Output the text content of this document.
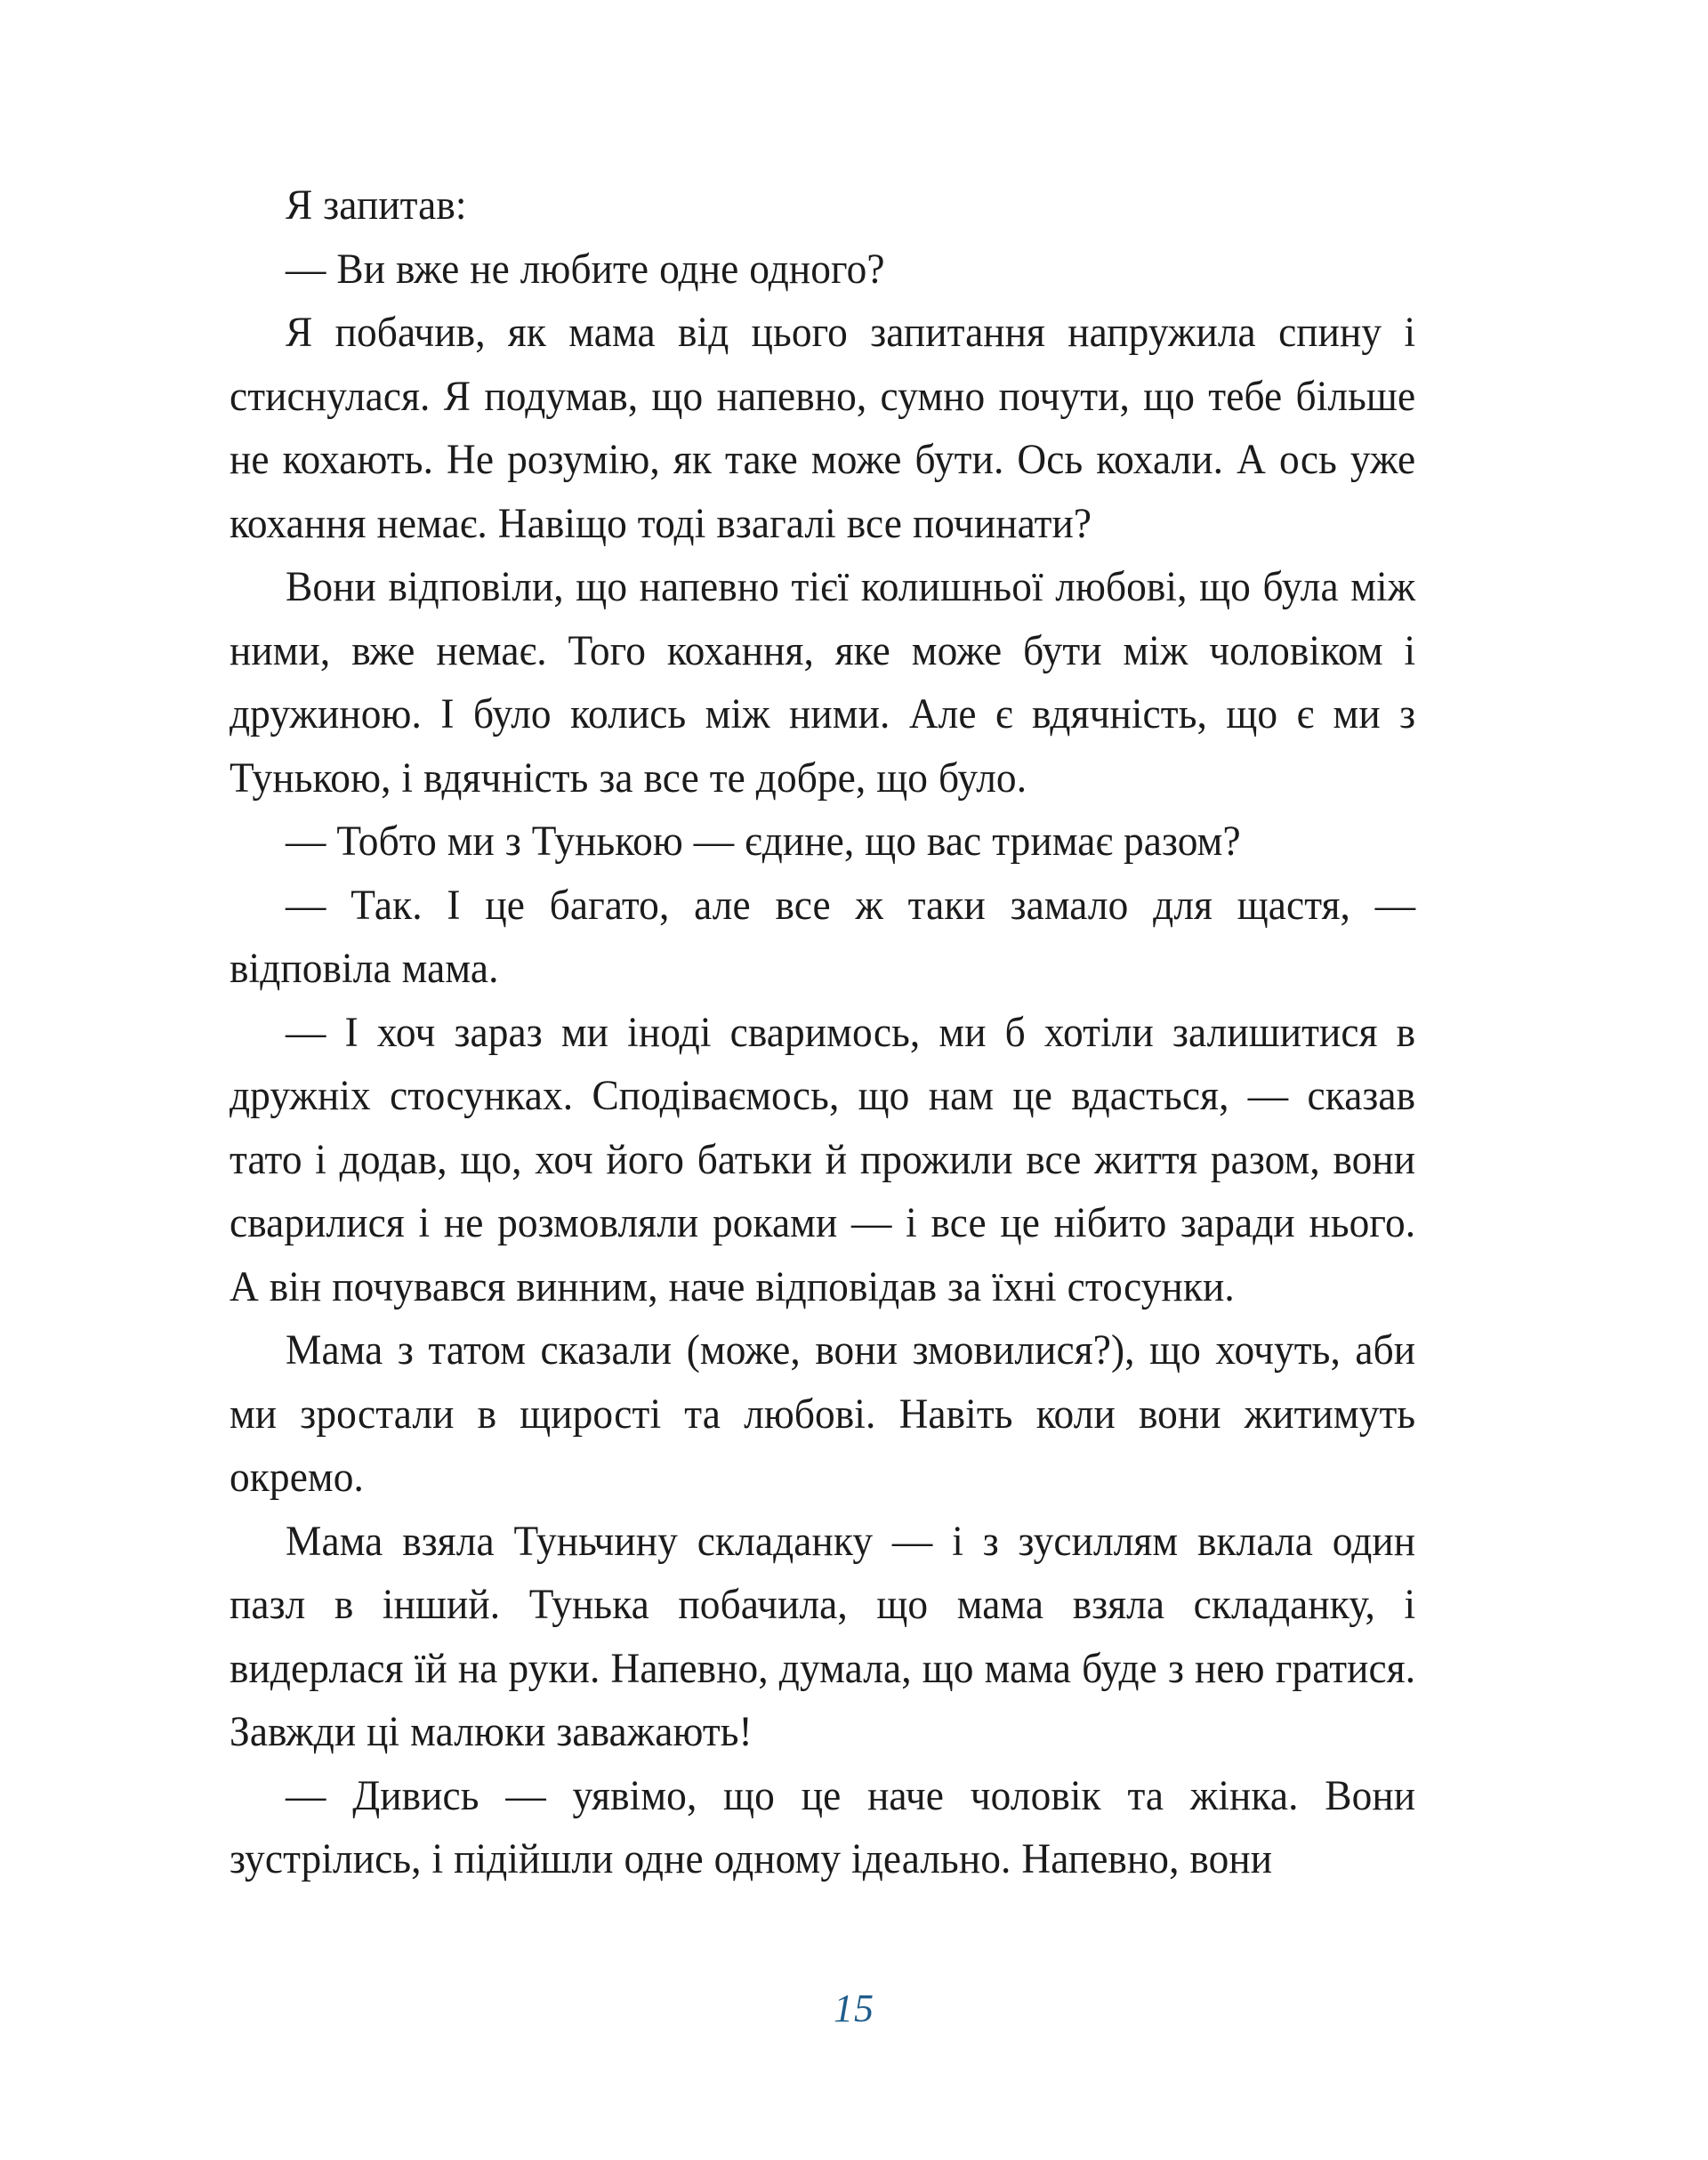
Я запитав:

— Ви вже не любите одне одного?

Я побачив, як мама від цього запитання напружила спину і стиснулася. Я подумав, що напевно, сумно почути, що тебе більше не кохають. Не розумію, як таке може бути. Ось кохали. А ось уже кохання немає. Навіщо тоді взагалі все починати?

Вони відповіли, що напевно тієї колишньої любові, що була між ними, вже немає. Того кохання, яке може бути між чоловіком і дружиною. І було колись між ними. Але є вдячність, що є ми з Тунькою, і вдячність за все те добре, що було.

— Тобто ми з Тунькою — єдине, що вас тримає разом?

— Так. І це багато, але все ж таки замало для щастя, — відповіла мама.

— І хоч зараз ми іноді сваримось, ми б хотіли залишитися в дружніх стосунках. Сподіваємось, що нам це вдасться, — сказав тато і додав, що, хоч його батьки й прожили все життя разом, вони сварилися і не розмовляли роками — і все це нібито заради нього. А він почувався винним, наче відповідав за їхні стосунки.

Мама з татом сказали (може, вони змовилися?), що хочуть, аби ми зростали в щирості та любові. Навіть коли вони житимуть окремо.

Мама взяла Туньчину складанку — і з зусиллям вклала один пазл в інший. Тунька побачила, що мама взяла складанку, і видерлася їй на руки. Напевно, думала, що мама буде з нею гратися. Завжди ці малюки заважають!

— Дивись — уявімо, що це наче чоловік та жінка. Вони зустрілись, і підійшли одне одному ідеально. Напевно, вони

15
